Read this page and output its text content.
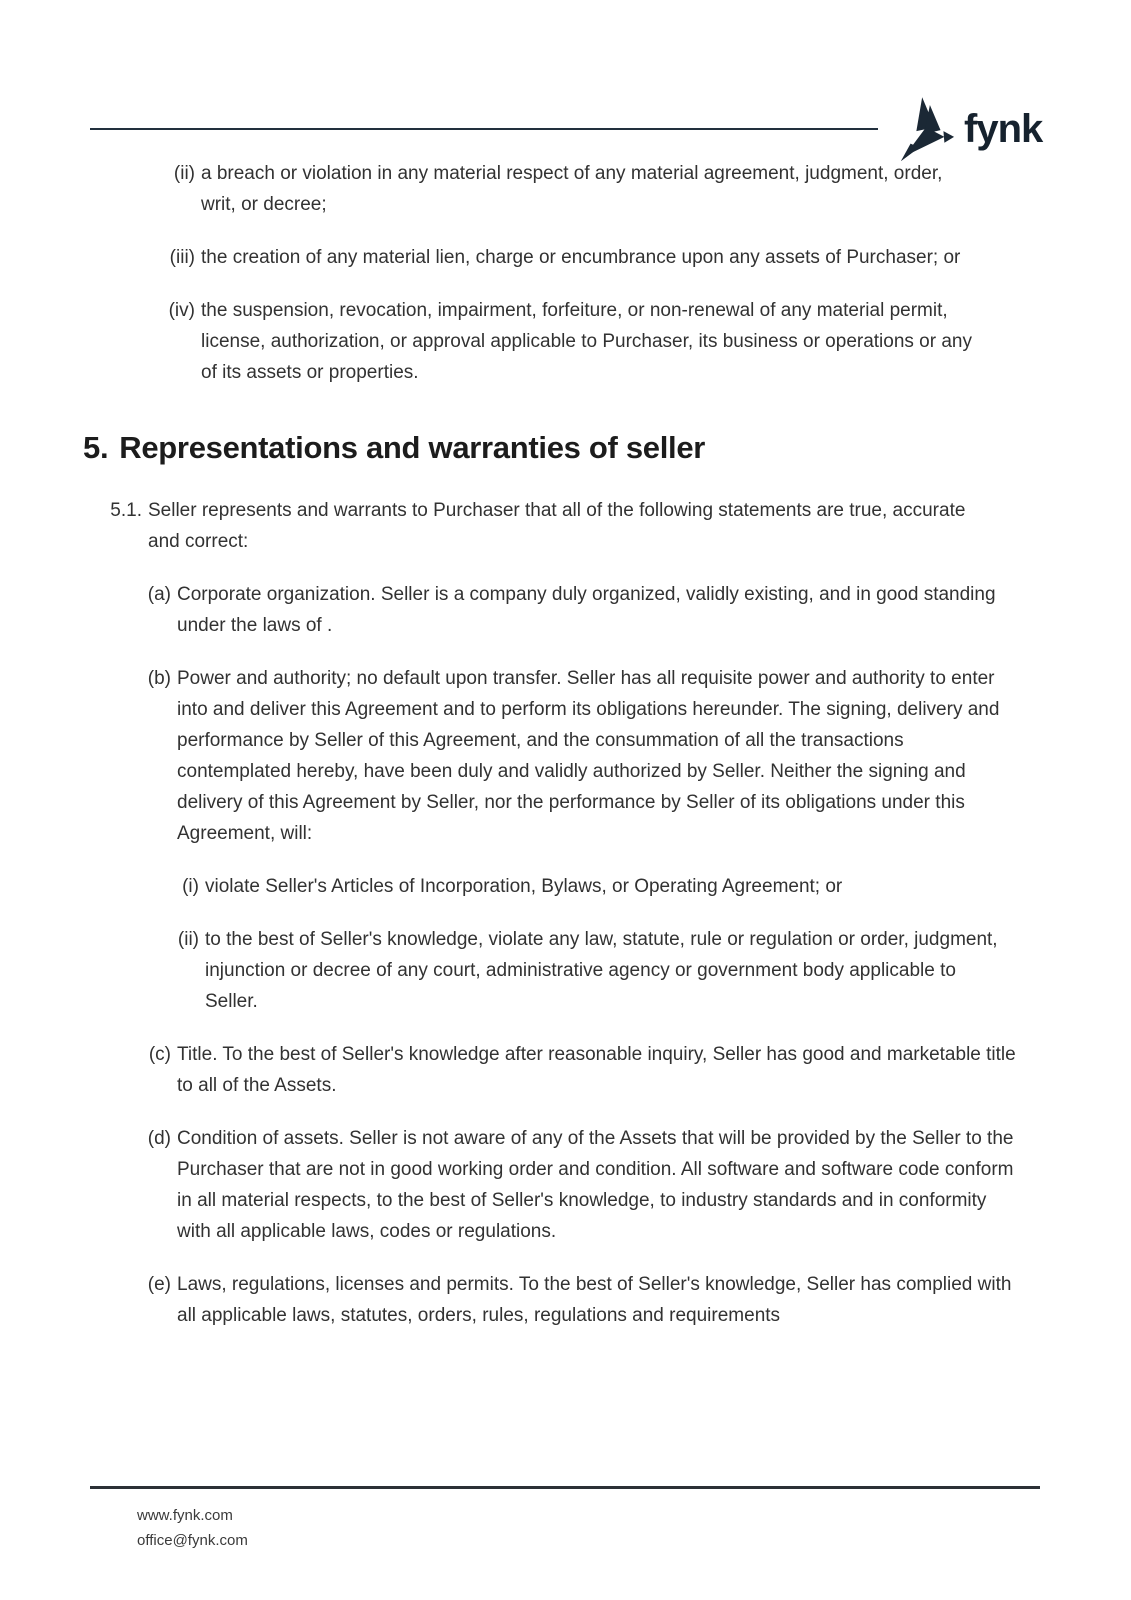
fynk
(ii) a breach or violation in any material respect of any material agreement, judgment, order, writ, or decree;
(iii) the creation of any material lien, charge or encumbrance upon any assets of Purchaser; or
(iv) the suspension, revocation, impairment, forfeiture, or non-renewal of any material permit, license, authorization, or approval applicable to Purchaser, its business or operations or any of its assets or properties.
5. Representations and warranties of seller
5.1. Seller represents and warrants to Purchaser that all of the following statements are true, accurate and correct:
(a) Corporate organization. Seller is a company duly organized, validly existing, and in good standing under the laws of .
(b) Power and authority; no default upon transfer. Seller has all requisite power and authority to enter into and deliver this Agreement and to perform its obligations hereunder. The signing, delivery and performance by Seller of this Agreement, and the consummation of all the transactions contemplated hereby, have been duly and validly authorized by Seller. Neither the signing and delivery of this Agreement by Seller, nor the performance by Seller of its obligations under this Agreement, will:
(i) violate Seller's Articles of Incorporation, Bylaws, or Operating Agreement; or
(ii) to the best of Seller's knowledge, violate any law, statute, rule or regulation or order, judgment, injunction or decree of any court, administrative agency or government body applicable to Seller.
(c) Title. To the best of Seller's knowledge after reasonable inquiry, Seller has good and marketable title to all of the Assets.
(d) Condition of assets. Seller is not aware of any of the Assets that will be provided by the Seller to the Purchaser that are not in good working order and condition. All software and software code conform in all material respects, to the best of Seller's knowledge, to industry standards and in conformity with all applicable laws, codes or regulations.
(e) Laws, regulations, licenses and permits. To the best of Seller's knowledge, Seller has complied with all applicable laws, statutes, orders, rules, regulations and requirements
www.fynk.com
office@fynk.com
